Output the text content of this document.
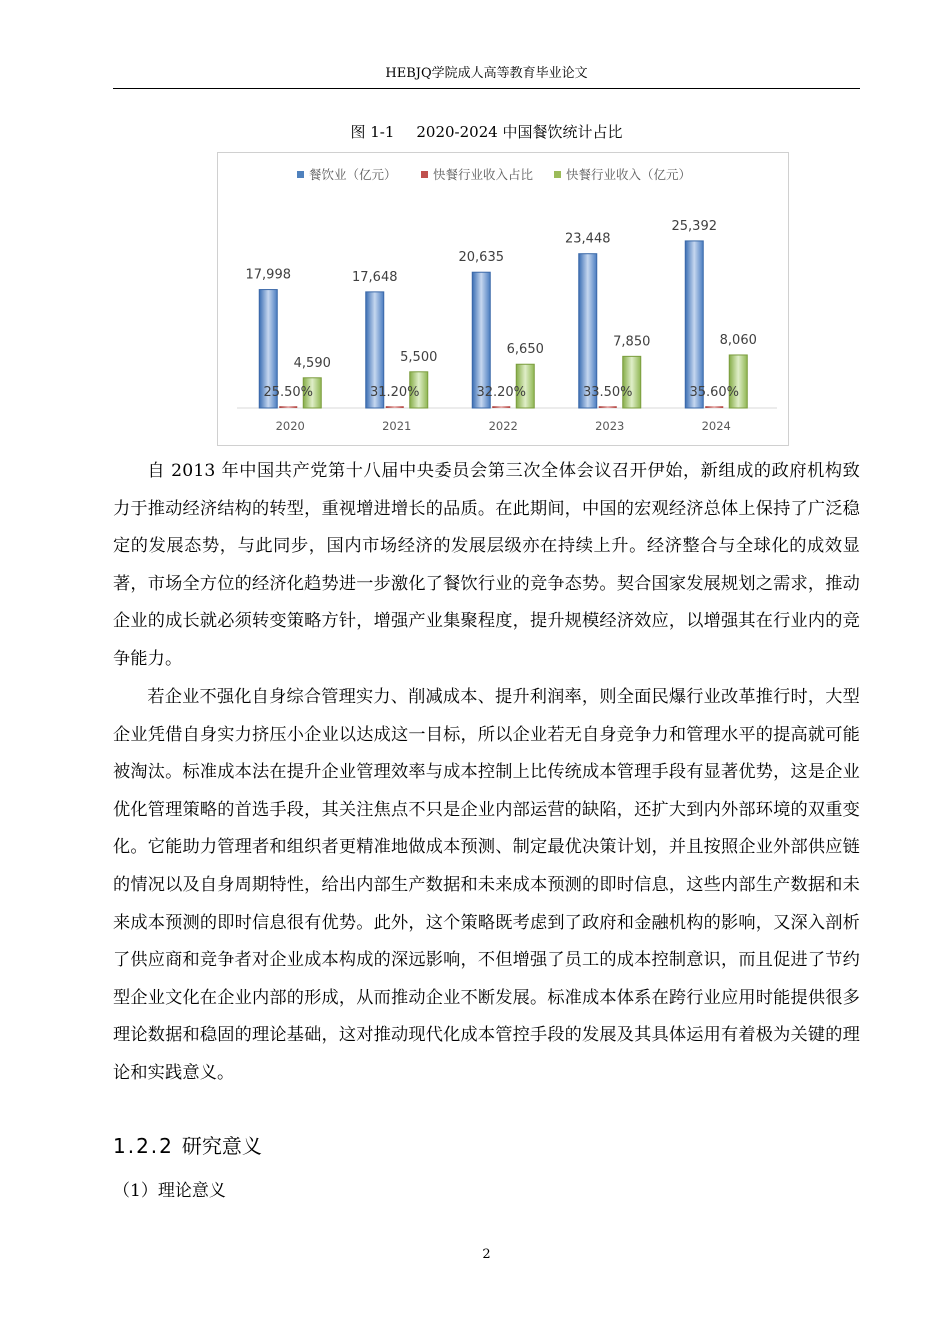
HEBJQ学院成人高等教育毕业论文
图 1-1 2020-2024 中国餐饮统计占比
餐饮业（亿元）	快餐行业收入占比	快餐行业收入（亿元）
17,998
25.50%
4,590
17,648
31.20%
5,500
20,635
32.20%
6,650
23,448
33.50%
7,850
25,392
35.60%
8,060
2020	2021	2022	2023	2024

自 2013 年中国共产党第十八届中央委员会第三次全体会议召开伊始，新组成的政府机构致力于推动经济结构的转型，重视增进增长的品质。在此期间，中国的宏观经济总体上保持了广泛稳定的发展态势，与此同步，国内市场经济的发展层级亦在持续上升。经济整合与全球化的成效显著，市场全方位的经济化趋势进一步激化了餐饮行业的竞争态势。契合国家发展规划之需求，推动企业的成长就必须转变策略方针，增强产业集聚程度，提升规模经济效应，以增强其在行业内的竞争能力。

若企业不强化自身综合管理实力、削减成本、提升利润率，则全面民爆行业改革推行时，大型企业凭借自身实力挤压小企业以达成这一目标，所以企业若无自身竞争力和管理水平的提高就可能被淘汰。标准成本法在提升企业管理效率与成本控制上比传统成本管理手段有显著优势，这是企业优化管理策略的首选手段，其关注焦点不只是企业内部运营的缺陷，还扩大到内外部环境的双重变化。它能助力管理者和组织者更精准地做成本预测、制定最优决策计划，并且按照企业外部供应链的情况以及自身周期特性，给出内部生产数据和未来成本预测的即时信息，这些内部生产数据和未来成本预测的即时信息很有优势。此外，这个策略既考虑到了政府和金融机构的影响，又深入剖析了供应商和竞争者对企业成本构成的深远影响，不但增强了员工的成本控制意识，而且促进了节约型企业文化在企业内部的形成，从而推动企业不断发展。标准成本体系在跨行业应用时能提供很多理论数据和稳固的理论基础，这对推动现代化成本管控手段的发展及其具体运用有着极为关键的理论和实践意义。

1.2.2 研究意义
（1）理论意义
2
